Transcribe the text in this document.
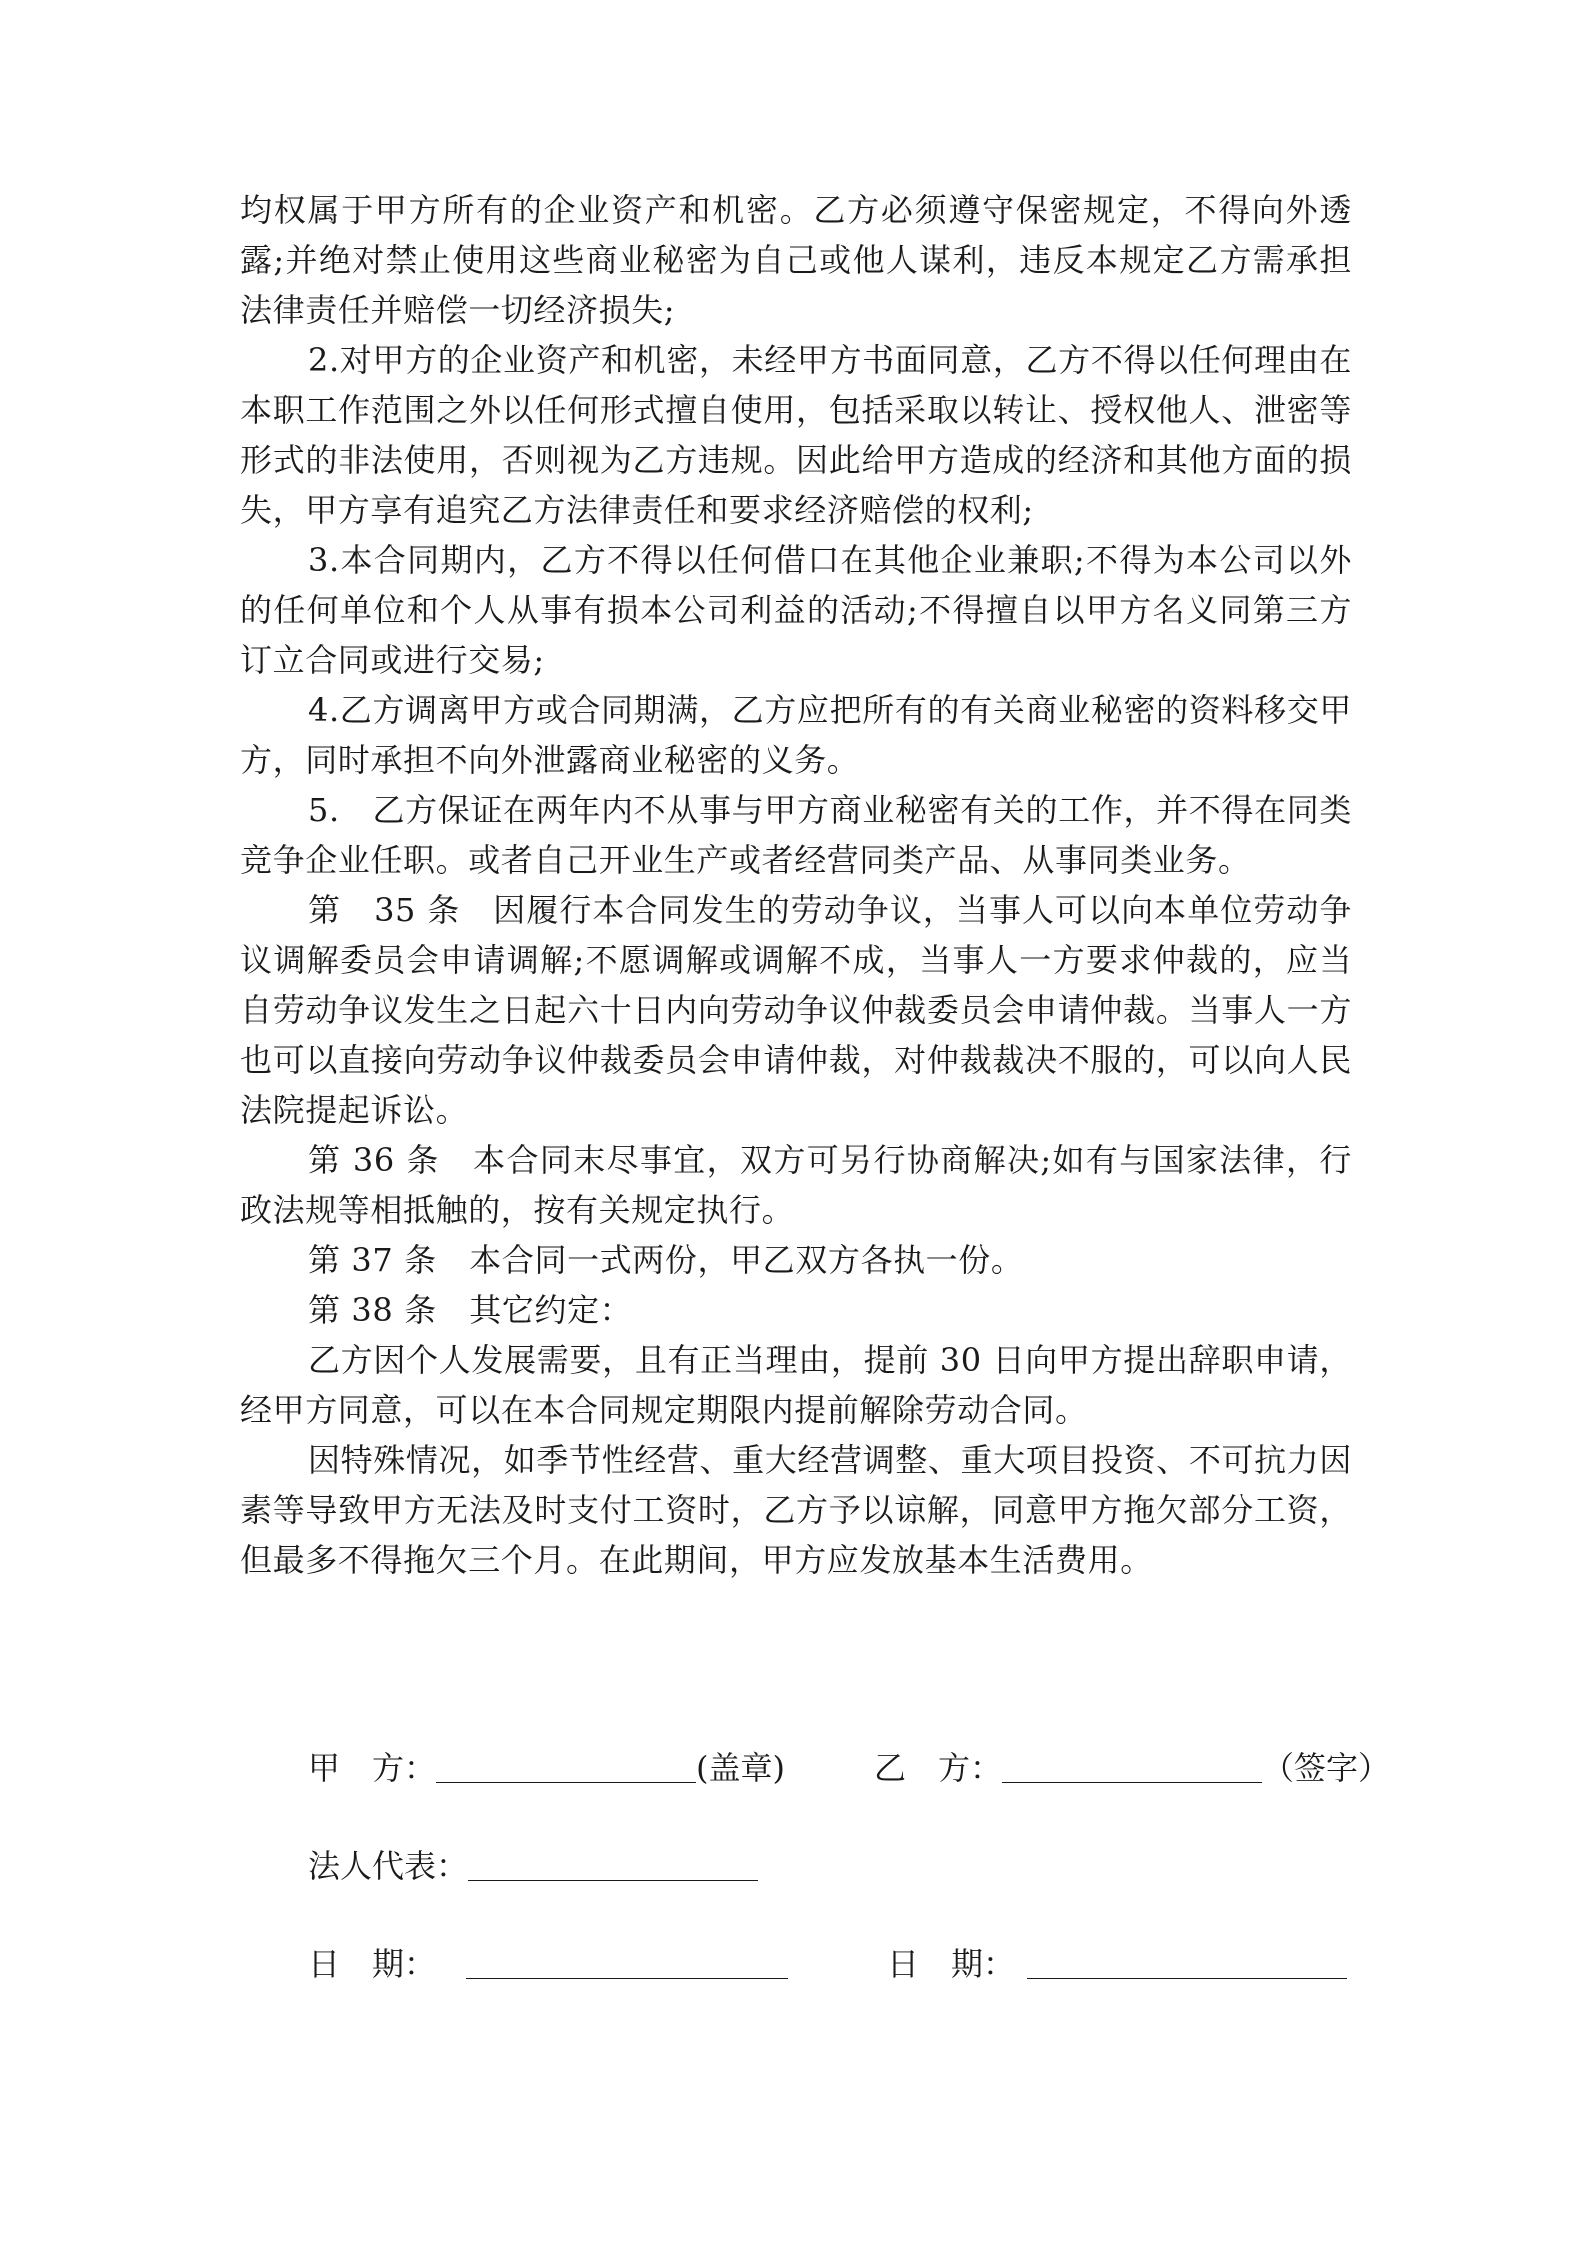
均权属于甲方所有的企业资产和机密。乙方必须遵守保密规定，不得向外透露;并绝对禁止使用这些商业秘密为自己或他人谋利，违反本规定乙方需承担法律责任并赔偿一切经济损失;

2.对甲方的企业资产和机密，未经甲方书面同意，乙方不得以任何理由在本职工作范围之外以任何形式擅自使用，包括采取以转让、授权他人、泄密等形式的非法使用，否则视为乙方违规。因此给甲方造成的经济和其他方面的损失，甲方享有追究乙方法律责任和要求经济赔偿的权利;

3.本合同期内，乙方不得以任何借口在其他企业兼职;不得为本公司以外的任何单位和个人从事有损本公司利益的活动;不得擅自以甲方名义同第三方订立合同或进行交易;

4.乙方调离甲方或合同期满，乙方应把所有的有关商业秘密的资料移交甲方，同时承担不向外泄露商业秘密的义务。

5.　乙方保证在两年内不从事与甲方商业秘密有关的工作，并不得在同类竞争企业任职。或者自己开业生产或者经营同类产品、从事同类业务。

第　35 条　因履行本合同发生的劳动争议，当事人可以向本单位劳动争议调解委员会申请调解;不愿调解或调解不成，当事人一方要求仲裁的，应当自劳动争议发生之日起六十日内向劳动争议仲裁委员会申请仲裁。当事人一方也可以直接向劳动争议仲裁委员会申请仲裁，对仲裁裁决不服的，可以向人民法院提起诉讼。

第 36 条　本合同末尽事宜，双方可另行协商解决;如有与国家法律，行政法规等相抵触的，按有关规定执行。

第 37 条　本合同一式两份，甲乙双方各执一份。

第 38 条　其它约定：

乙方因个人发展需要，且有正当理由，提前 30 日向甲方提出辞职申请，经甲方同意，可以在本合同规定期限内提前解除劳动合同。

因特殊情况，如季节性经营、重大经营调整、重大项目投资、不可抗力因素等导致甲方无法及时支付工资时，乙方予以谅解，同意甲方拖欠部分工资，但最多不得拖欠三个月。在此期间，甲方应发放基本生活费用。

甲　方：	(盖章)	乙　方：	（签字）
法人代表：
日　期：	日　期：
